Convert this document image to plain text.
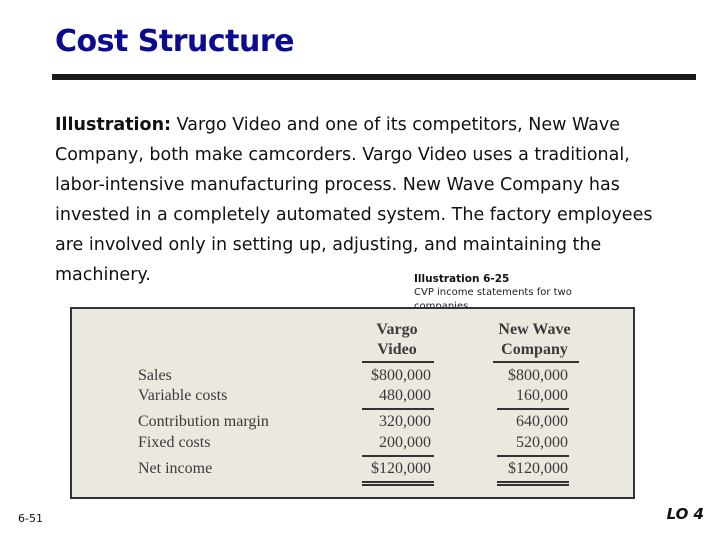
Cost Structure

Illustration: Vargo Video and one of its competitors, New Wave Company, both make camcorders. Vargo Video uses a traditional, labor-intensive manufacturing process. New Wave Company has invested in a completely automated system. The factory employees are involved only in setting up, adjusting, and maintaining the machinery.	Illustration 6-25
CVP income statements for two
Vargo
Video
New Wave
Company
Sales	$800,000	$800,000
Variable costs	480,000	160,000
Contribution margin	320,000	640,000
Fixed costs	200,000	520,000
Net income	$120,000	$120,000
6-51	LO 4
